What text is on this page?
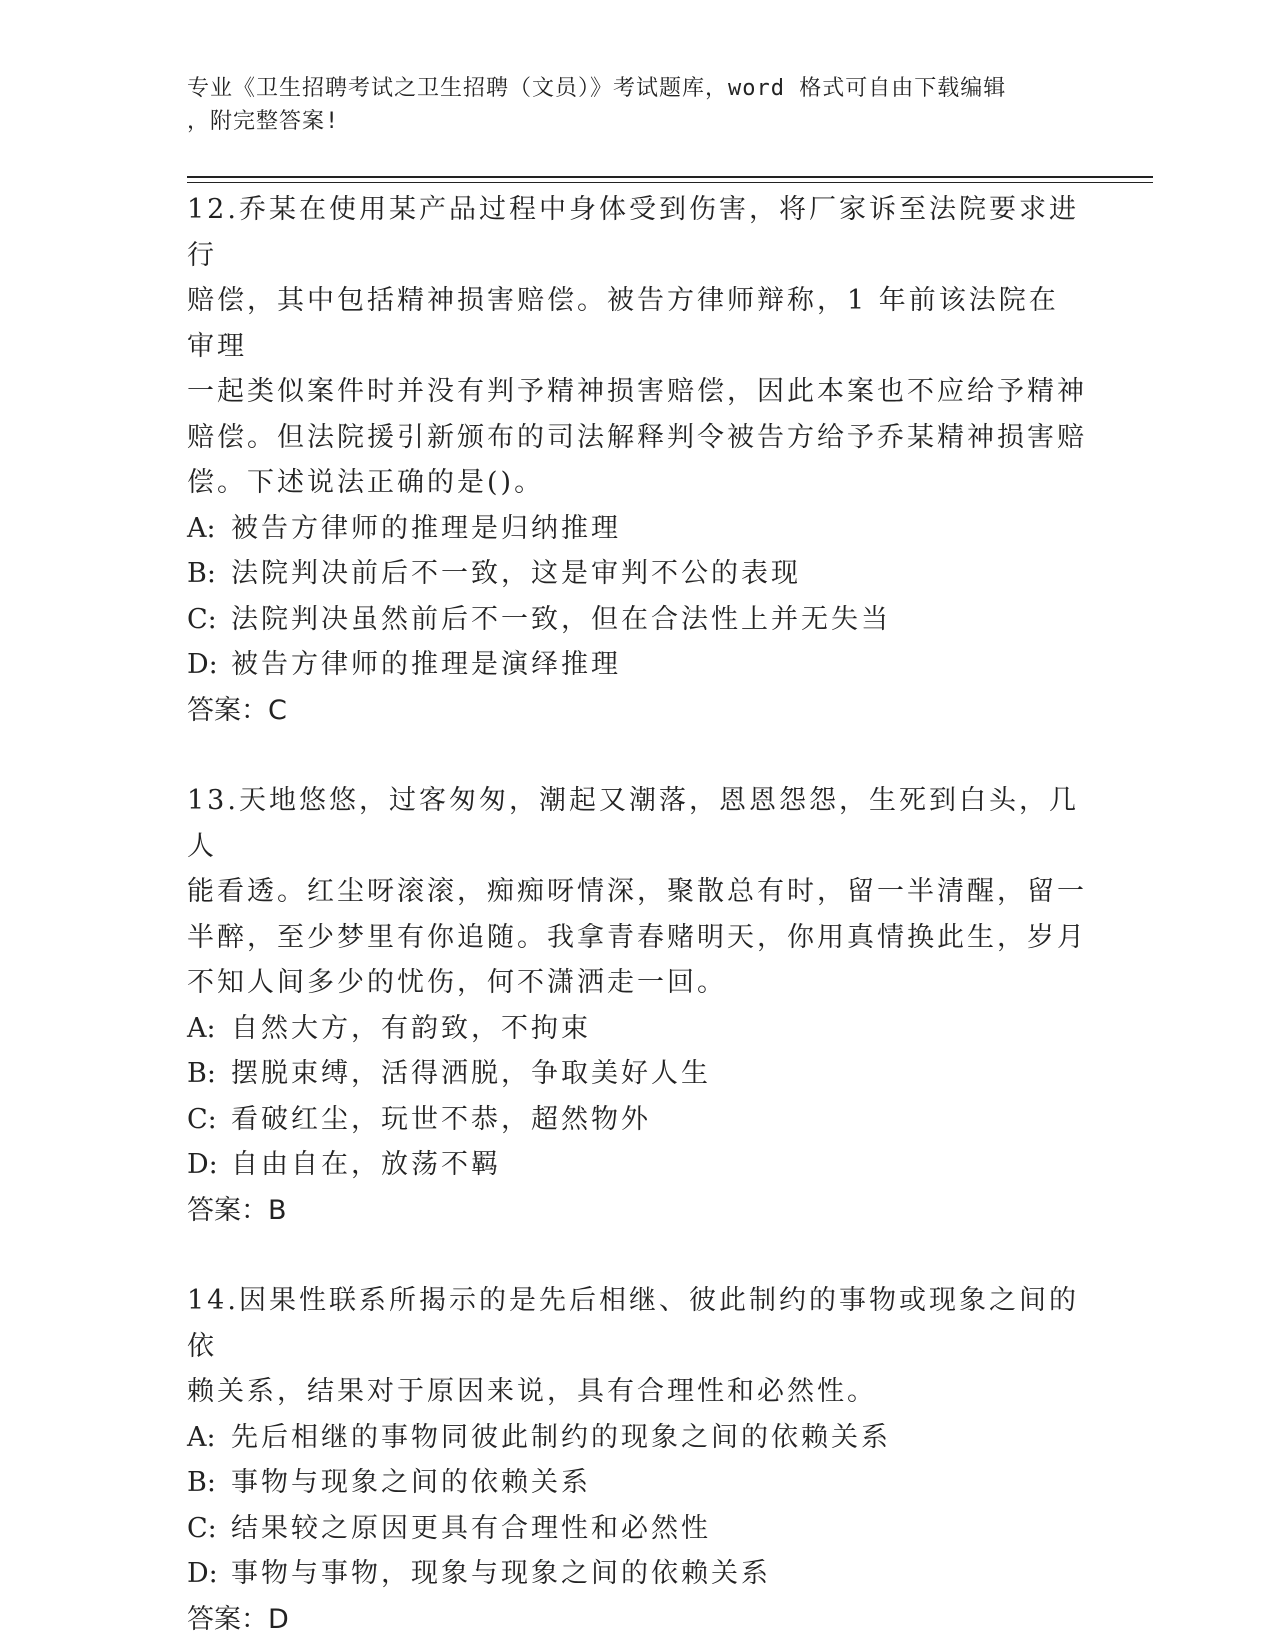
专业《卫生招聘考试之卫生招聘（文员）》考试题库，word 格式可自由下载编辑
，附完整答案!

12.乔某在使用某产品过程中身体受到伤害，将厂家诉至法院要求进行

赔偿，其中包括精神损害赔偿。被告方律师辩称，1 年前该法院在审理

一起类似案件时并没有判予精神损害赔偿，因此本案也不应给予精神

赔偿。但法院援引新颁布的司法解释判令被告方给予乔某精神损害赔

偿。下述说法正确的是()。

A: 被告方律师的推理是归纳推理

B: 法院判决前后不一致，这是审判不公的表现

C: 法院判决虽然前后不一致，但在合法性上并无失当

D: 被告方律师的推理是演绎推理

答案：C

13.天地悠悠，过客匆匆，潮起又潮落，恩恩怨怨，生死到白头，几人

能看透。红尘呀滚滚，痴痴呀情深，聚散总有时，留一半清醒，留一

半醉，至少梦里有你追随。我拿青春赌明天，你用真情换此生，岁月

不知人间多少的忧伤，何不潇洒走一回。

A: 自然大方，有韵致，不拘束

B: 摆脱束缚，活得洒脱，争取美好人生

C: 看破红尘，玩世不恭，超然物外

D: 自由自在，放荡不羁

答案：B

14.因果性联系所揭示的是先后相继、彼此制约的事物或现象之间的依

赖关系，结果对于原因来说，具有合理性和必然性。

A: 先后相继的事物同彼此制约的现象之间的依赖关系

B: 事物与现象之间的依赖关系

C: 结果较之原因更具有合理性和必然性

D: 事物与事物，现象与现象之间的依赖关系

答案：D
